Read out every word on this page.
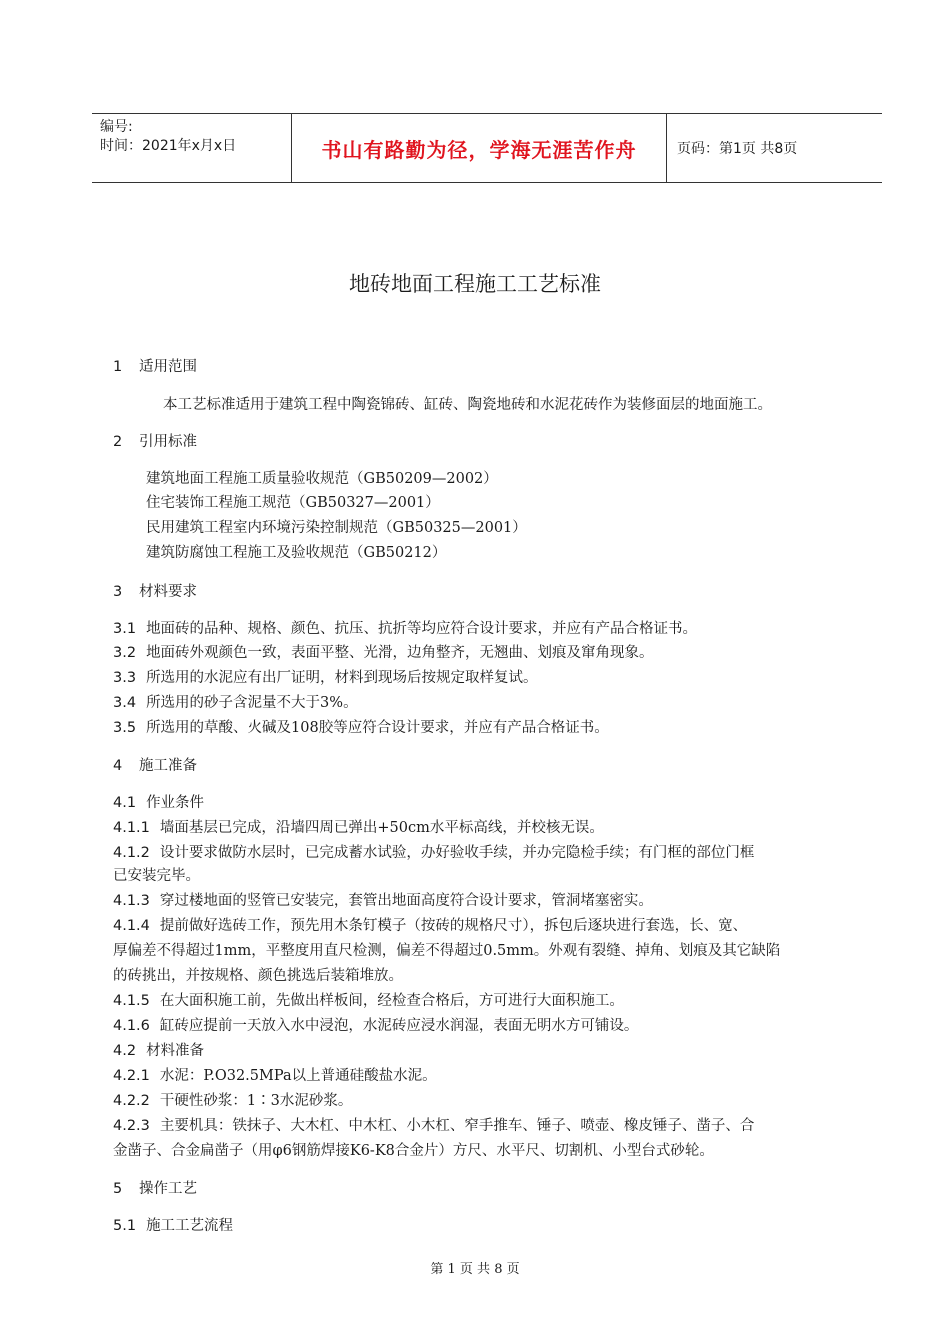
编号:
时间：2021年x月x日	书山有路勤为径，学海无涯苦作舟	页码：第1页 共8页
地砖地面工程施工工艺标准
1 适用范围
本工艺标准适用于建筑工程中陶瓷锦砖、缸砖、陶瓷地砖和水泥花砖作为装修面层的地面施工。
2 引用标准
建筑地面工程施工质量验收规范（GB50209—2002）
住宅装饰工程施工规范（GB50327—2001）
民用建筑工程室内环境污染控制规范（GB50325—2001）
建筑防腐蚀工程施工及验收规范（GB50212）
3 材料要求
3.1 地面砖的品种、规格、颜色、抗压、抗折等均应符合设计要求，并应有产品合格证书。
3.2 地面砖外观颜色一致，表面平整、光滑，边角整齐，无翘曲、划痕及窜角现象。
3.3 所选用的水泥应有出厂证明，材料到现场后按规定取样复试。
3.4 所选用的砂子含泥量不大于3%。
3.5 所选用的草酸、火碱及108胶等应符合设计要求，并应有产品合格证书。
4 施工准备
4.1 作业条件
4.1.1 墙面基层已完成，沿墙四周已弹出+50cm水平标高线，并校核无误。
4.1.2 设计要求做防水层时，已完成蓄水试验，办好验收手续，并办完隐检手续；有门框的部位门框
已安装完毕。
4.1.3 穿过楼地面的竖管已安装完，套管出地面高度符合设计要求，管洞堵塞密实。
4.1.4 提前做好选砖工作，预先用木条钉模子（按砖的规格尺寸），拆包后逐块进行套选，长、宽、
厚偏差不得超过1mm，平整度用直尺检测，偏差不得超过0.5mm。外观有裂缝、掉角、划痕及其它缺陷
的砖挑出，并按规格、颜色挑选后装箱堆放。
4.1.5 在大面积施工前，先做出样板间，经检查合格后，方可进行大面积施工。
4.1.6 缸砖应提前一天放入水中浸泡，水泥砖应浸水润湿，表面无明水方可铺设。
4.2 材料准备
4.2.1 水泥：P.O32.5MPa以上普通硅酸盐水泥。
4.2.2 干硬性砂浆：1∶3水泥砂浆。
4.2.3 主要机具：铁抹子、大木杠、中木杠、小木杠、窄手推车、锤子、喷壶、橡皮锤子、凿子、合
金凿子、合金扁凿子（用φ6钢筋焊接K6-K8合金片）方尺、水平尺、切割机、小型台式砂轮。
5 操作工艺
5.1 施工工艺流程
第 1 页 共 8 页
